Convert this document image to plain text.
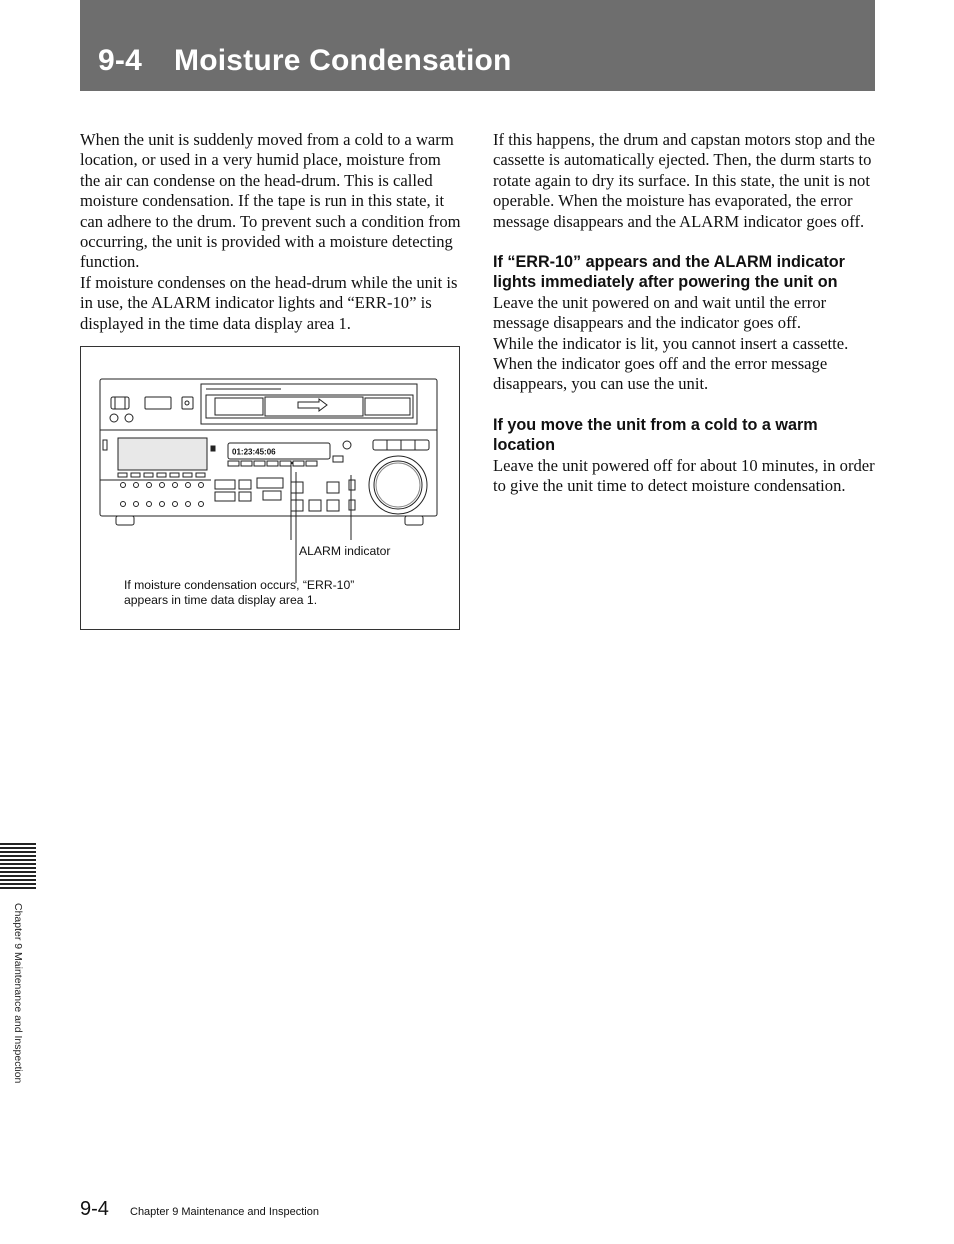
9-4 Moisture Condensation

When the unit is suddenly moved from a cold to a warm location, or used in a very humid place, moisture from the air can condense on the head-drum. This is called moisture condensation. If the tape is run in this state, it can adhere to the drum. To prevent such a condition from occurring, the unit is provided with a moisture detecting function.

If moisture condenses on the head-drum while the unit is in use, the ALARM indicator lights and “ERR-10” is displayed in the time data display area 1.

01:23:45:06
ALARM indicator
If moisture condensation occurs, “ERR-10” appears in time data display area 1.

If this happens, the drum and capstan motors stop and the cassette is automatically ejected. Then, the durm starts to rotate again to dry its surface. In this state, the unit is not operable. When the moisture has evaporated, the error message disappears and the ALARM indicator goes off.

If “ERR-10” appears and the ALARM indicator lights immediately after powering the unit on

Leave the unit powered on and wait until the error message disappears and the indicator goes off.

While the indicator is lit, you cannot insert a cassette. When the indicator goes off and the error message disappears, you can use the unit.

If you move the unit from a cold to a warm location

Leave the unit powered off for about 10 minutes, in order to give the unit time to detect moisture condensation.

Chapter 9 Maintenance and Inspection
9-4 Chapter 9 Maintenance and Inspection
